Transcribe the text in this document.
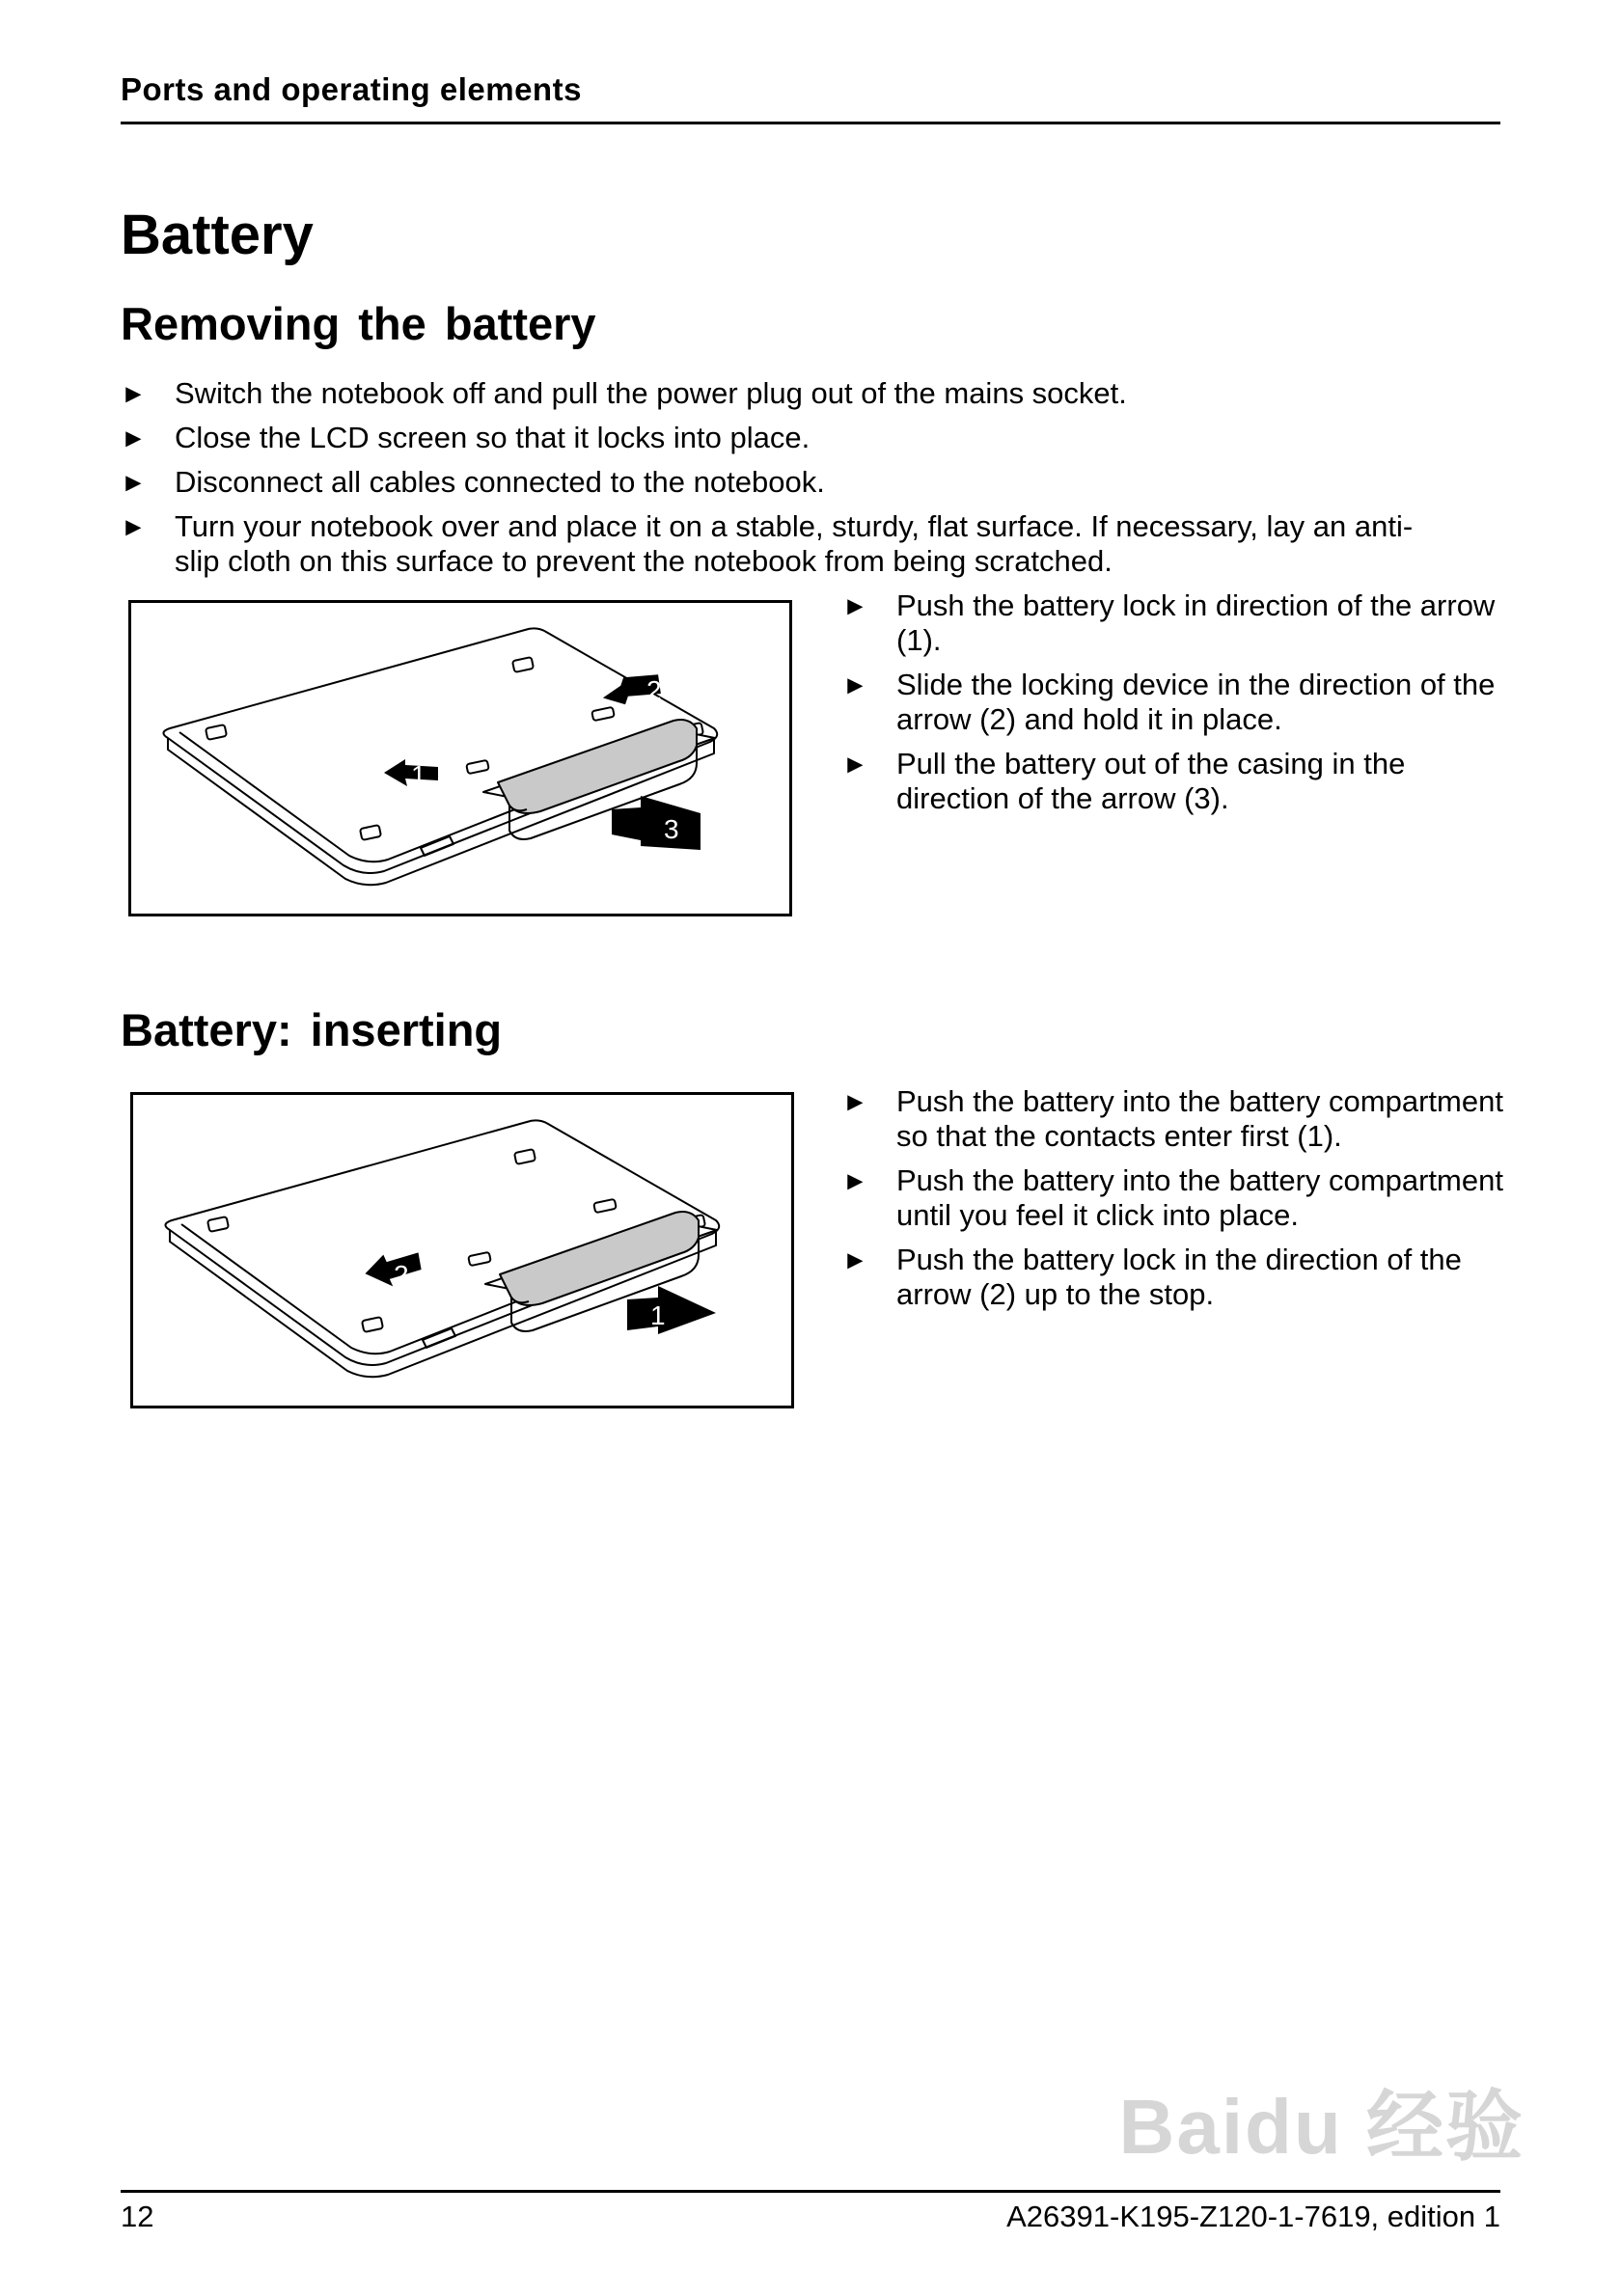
Ports and operating elements
Battery
Removing the battery
► Switch the notebook off and pull the power plug out of the mains socket.
► Close the LCD screen so that it locks into place.
► Disconnect all cables connected to the notebook.
► Turn your notebook over and place it on a stable, sturdy, flat surface. If necessary, lay an anti-slip cloth on this surface to prevent the notebook from being scratched.
1
2
3
► Push the battery lock in direction of the arrow (1).
► Slide the locking device in the direction of the arrow (2) and hold it in place.
► Pull the battery out of the casing in the direction of the arrow (3).
Battery: inserting
2
1
► Push the battery into the battery compartment so that the contacts enter first (1).
► Push the battery into the battery compartment until you feel it click into place.
► Push the battery lock in the direction of the arrow (2) up to the stop.
Baidu 经验
12	A26391-K195-Z120-1-7619, edition 1
